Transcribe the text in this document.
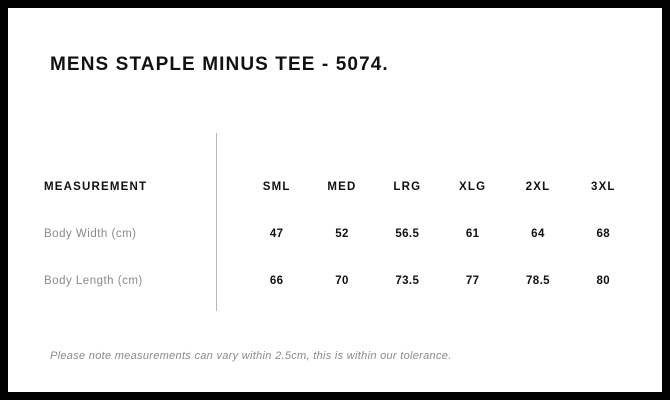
MENS STAPLE MINUS TEE - 5074.
MEASUREMENT	SML	MED	LRG	XLG	2XL	3XL
Body Width (cm)	47	52	56.5	61	64	68
Body Length (cm)	66	70	73.5	77	78.5	80
Please note measurements can vary within 2.5cm, this is within our tolerance.
